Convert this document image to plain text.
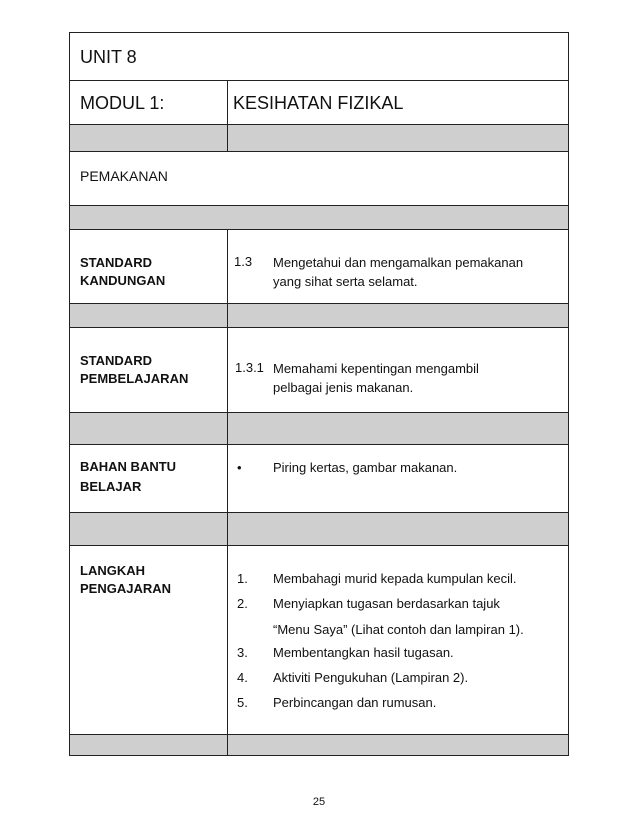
UNIT 8
MODUL 1:	KESIHATAN FIZIKAL
PEMAKANAN
STANDARD
KANDUNGAN
1.3 Mengetahui dan mengamalkan pemakanan
yang sihat serta selamat.
STANDARD
PEMBELAJARAN
1.3.1 Memahami kepentingan mengambil
pelbagai jenis makanan.
BAHAN BANTU
BELAJAR
• Piring kertas, gambar makanan.
LANGKAH
PENGAJARAN
1. Membahagi murid kepada kumpulan kecil.
2. Menyiapkan tugasan berdasarkan tajuk
“Menu Saya” (Lihat contoh dan lampiran 1).
3. Membentangkan hasil tugasan.
4. Aktiviti Pengukuhan (Lampiran 2).
5. Perbincangan dan rumusan.
25
